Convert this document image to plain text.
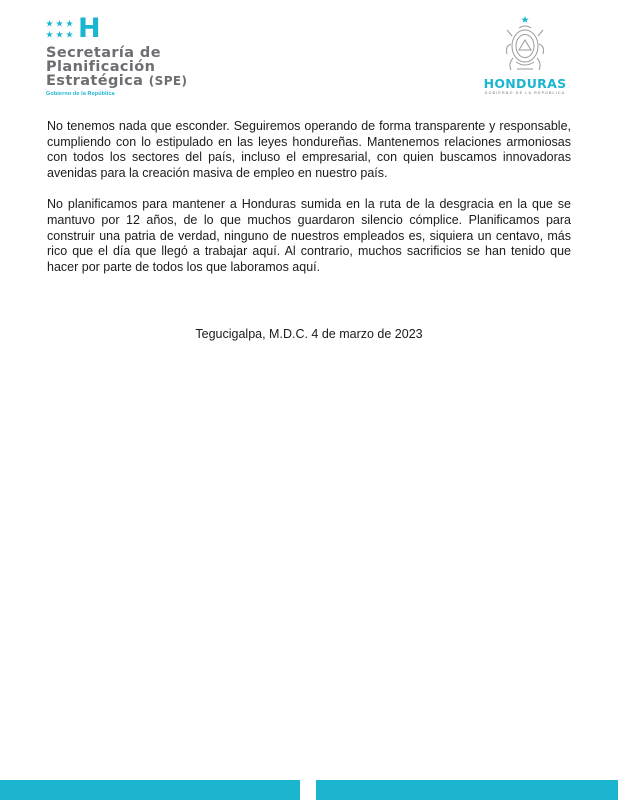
H
Secretaría de
Planificación
Estratégica (SPE)
Gobierno de la República
HONDURAS
GOBIERNO DE LA REPÚBLICA

No tenemos nada que esconder. Seguiremos operando de forma transparente y responsable, cumpliendo con lo estipulado en las leyes hondureñas. Mantenemos relaciones armoniosas con todos los sectores del país, incluso el empresarial, con quien buscamos innovadoras avenidas para la creación masiva de empleo en nuestro país.

No planificamos para mantener a Honduras sumida en la ruta de la desgracia en la que se mantuvo por 12 años, de lo que muchos guardaron silencio cómplice. Planificamos para construir una patria de verdad, ninguno de nuestros empleados es, siquiera un centavo, más rico que el día que llegó a trabajar aquí. Al contrario, muchos sacrificios se han tenido que hacer por parte de todos los que laboramos aquí.

Tegucigalpa, M.D.C. 4 de marzo de 2023
